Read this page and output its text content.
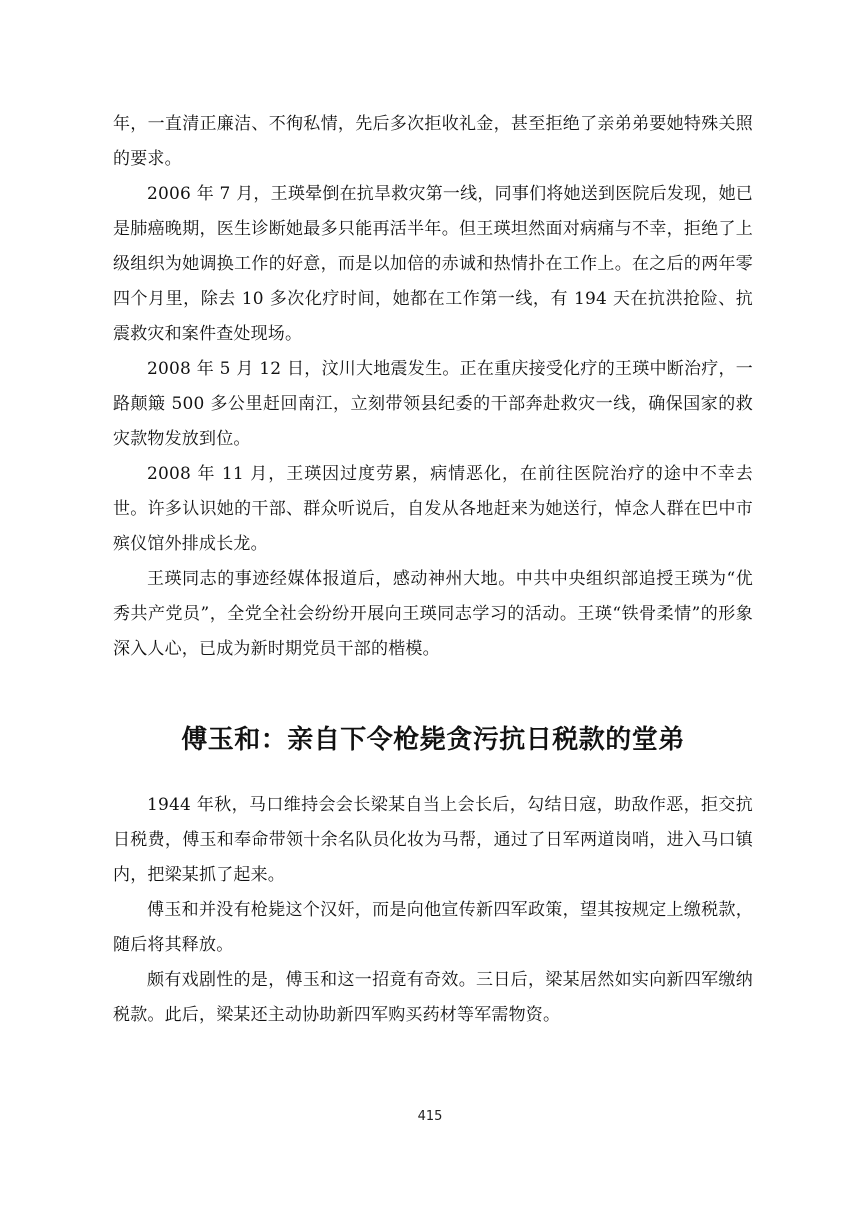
年，一直清正廉洁、不徇私情，先后多次拒收礼金，甚至拒绝了亲弟弟要她特殊关照的要求。

2006 年 7 月，王瑛晕倒在抗旱救灾第一线，同事们将她送到医院后发现，她已是肺癌晚期，医生诊断她最多只能再活半年。但王瑛坦然面对病痛与不幸，拒绝了上级组织为她调换工作的好意，而是以加倍的赤诚和热情扑在工作上。在之后的两年零四个月里，除去 10 多次化疗时间，她都在工作第一线，有 194 天在抗洪抢险、抗震救灾和案件查处现场。

2008 年 5 月 12 日，汶川大地震发生。正在重庆接受化疗的王瑛中断治疗，一路颠簸 500 多公里赶回南江，立刻带领县纪委的干部奔赴救灾一线，确保国家的救灾款物发放到位。

2008 年 11 月，王瑛因过度劳累，病情恶化，在前往医院治疗的途中不幸去世。许多认识她的干部、群众听说后，自发从各地赶来为她送行，悼念人群在巴中市殡仪馆外排成长龙。

王瑛同志的事迹经媒体报道后，感动神州大地。中共中央组织部追授王瑛为“优秀共产党员”，全党全社会纷纷开展向王瑛同志学习的活动。王瑛“铁骨柔情”的形象深入人心，已成为新时期党员干部的楷模。

傅玉和：亲自下令枪毙贪污抗日税款的堂弟

1944 年秋，马口维持会会长梁某自当上会长后，勾结日寇，助敌作恶，拒交抗日税费，傅玉和奉命带领十余名队员化妆为马帮，通过了日军两道岗哨，进入马口镇内，把梁某抓了起来。

傅玉和并没有枪毙这个汉奸，而是向他宣传新四军政策，望其按规定上缴税款，随后将其释放。

颇有戏剧性的是，傅玉和这一招竟有奇效。三日后，梁某居然如实向新四军缴纳税款。此后，梁某还主动协助新四军购买药材等军需物资。

415
